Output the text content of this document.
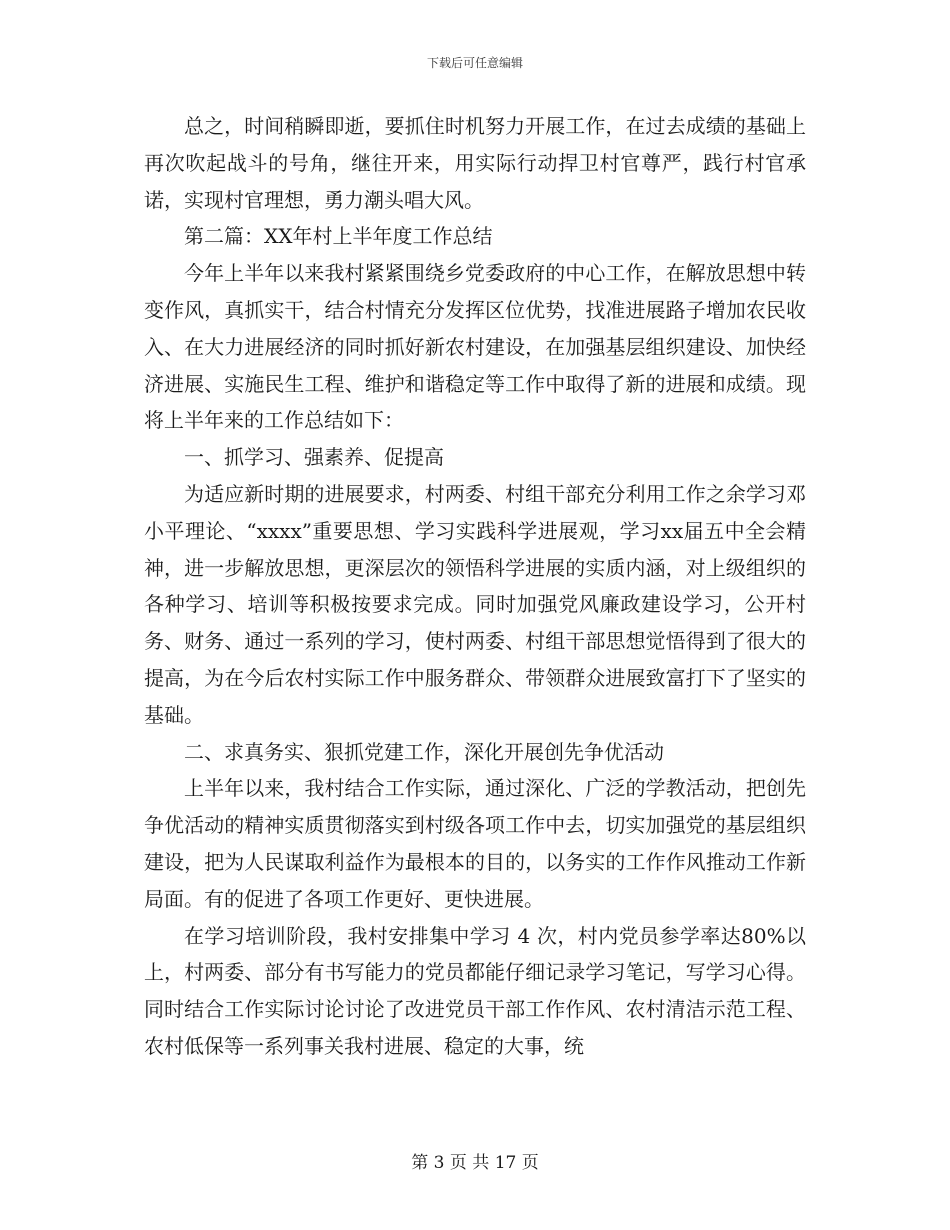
下载后可任意编辑

总之，时间稍瞬即逝，要抓住时机努力开展工作，在过去成绩的基础上再次吹起战斗的号角，继往开来，用实际行动捍卫村官尊严，践行村官承诺，实现村官理想，勇力潮头唱大风。

第二篇：XX年村上半年度工作总结

今年上半年以来我村紧紧围绕乡党委政府的中心工作，在解放思想中转变作风，真抓实干，结合村情充分发挥区位优势，找准进展路子增加农民收入、在大力进展经济的同时抓好新农村建设，在加强基层组织建设、加快经济进展、实施民生工程、维护和谐稳定等工作中取得了新的进展和成绩。现将上半年来的工作总结如下：

一、抓学习、强素养、促提高

为适应新时期的进展要求，村两委、村组干部充分利用工作之余学习邓小平理论、“xxxx”重要思想、学习实践科学进展观，学习xx届五中全会精神，进一步解放思想，更深层次的领悟科学进展的实质内涵，对上级组织的各种学习、培训等积极按要求完成。同时加强党风廉政建设学习，公开村务、财务、通过一系列的学习，使村两委、村组干部思想觉悟得到了很大的提高，为在今后农村实际工作中服务群众、带领群众进展致富打下了坚实的基础。

二、求真务实、狠抓党建工作，深化开展创先争优活动

上半年以来，我村结合工作实际，通过深化、广泛的学教活动，把创先争优活动的精神实质贯彻落实到村级各项工作中去，切实加强党的基层组织建设，把为人民谋取利益作为最根本的目的，以务实的工作作风推动工作新局面。有的促进了各项工作更好、更快进展。

在学习培训阶段，我村安排集中学习 4 次，村内党员参学率达80%以上，村两委、部分有书写能力的党员都能仔细记录学习笔记，写学习心得。同时结合工作实际讨论讨论了改进党员干部工作作风、农村清洁示范工程、农村低保等一系列事关我村进展、稳定的大事，统

第 3 页 共 17 页
